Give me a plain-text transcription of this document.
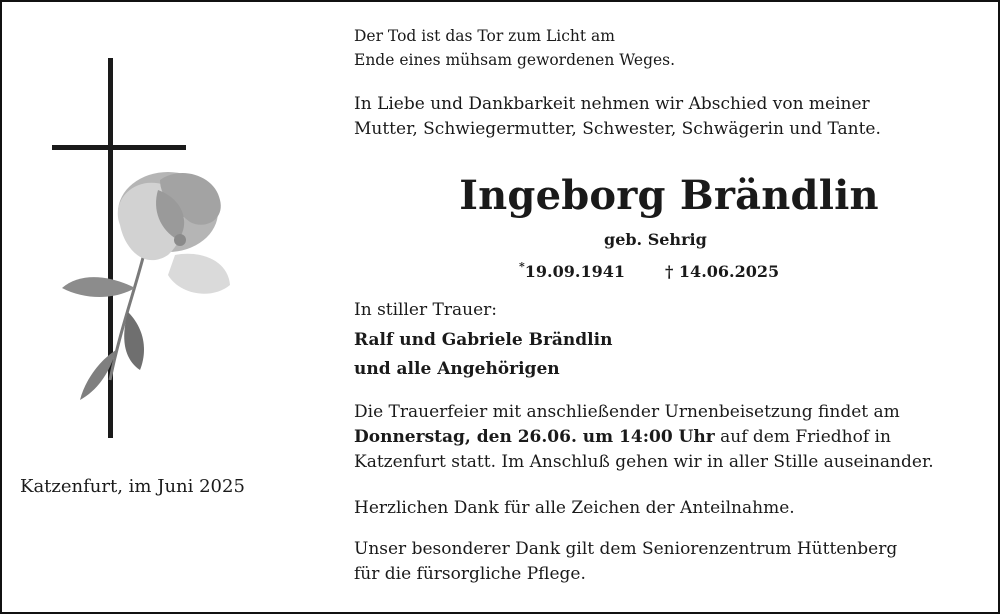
Katzenfurt, im Juni 2025
Der Tod ist das Tor zum Licht am
Ende eines mühsam gewordenen Weges.
In Liebe und Dankbarkeit nehmen wir Abschied von meiner
Mutter, Schwiegermutter, Schwester, Schwägerin und Tante.
Ingeborg Brändlin
geb. Sehrig
*19.09.1941	† 14.06.2025
In stiller Trauer:
Ralf und Gabriele Brändlin
und alle Angehörigen
Die Trauerfeier mit anschließender Urnenbeisetzung findet am
Donnerstag, den 26.06. um 14:00 Uhr auf dem Friedhof in
Katzenfurt statt. Im Anschluß gehen wir in aller Stille auseinander.
Herzlichen Dank für alle Zeichen der Anteilnahme.
Unser besonderer Dank gilt dem Seniorenzentrum Hüttenberg
für die fürsorgliche Pflege.
